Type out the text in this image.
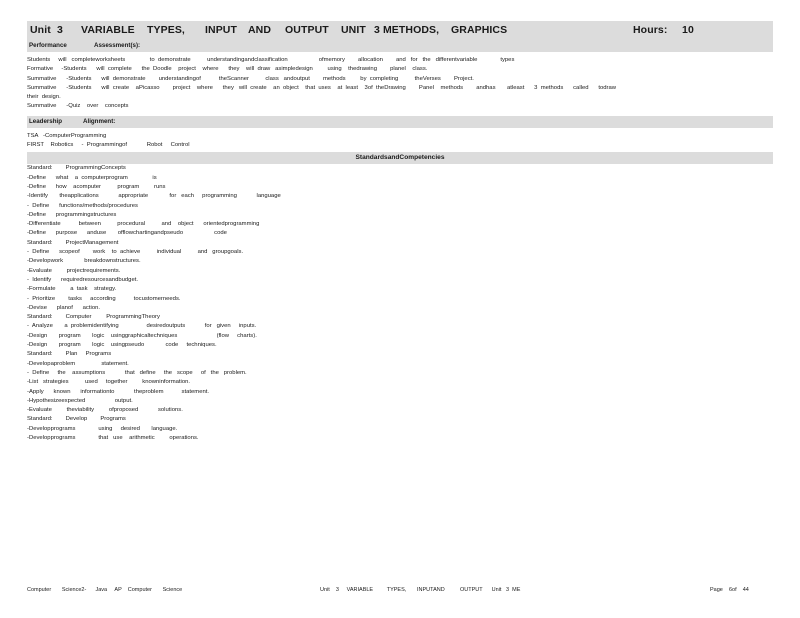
Unit 3 VARIABLE TYPES, INPUT AND OUTPUT UNIT 3 METHODS, GRAPHICS	Hours: 10
Performance	Assessment(s):
Students     will   completeworksheets               to  demonstrate          understandingandclassification                   ofmemory        allocation        and   for   the   differentvariable              types
Formative     -Students      will  complete      the  Doodle    project    where      they    will  draw   asimpledesign         using    thedrawing        planel    class.
Summative      -Students      will  demonstrate        understandingof           theScanner          class   andoutput        methods         by  completing          theVerses        Project.
Summative      -Students      will  create    aPicasso        project    where      they   will  create    an  object    that  uses    at  least    3of  theDrawing        Panel    methods        andhas       atleast      3  methods      called      todraw
their  design.
Summative      -Quiz    over    concepts
Leadership	Alignment:
TSA   -ComputerProgramming
FIRST    Robotics     -  Programmingof            Robot     Control
StandardsandCompetencies
Standard:        ProgrammingConcepts
-Define      what    a  computerprogram               is
-Define      how    acomputer          program         runs
-Identify       theapplications            appropriate             for   each     programming            language
-  Define      functions/methods/procedures
-Define      programmingstructures
-Differentiate           between          procedural          and    object      orientedprogramming
-Define      purpose      anduse       offlowchartingandpseudo                   code
Standard:        ProjectManagement
-  Define      scopeof        work    to  achieve          individual          and   groupgoals.
-Developwork             breakdownstructures.
-Evaluate         projectrequirements.
-  Identify      requiredresourcesandbudget.
-Formulate         a  task    strategy.
-  Prioritize        tasks     according           tocustomerneeds.
-Devise      planof      action.
Standard:        Computer         ProgrammingTheory
-  Analyze       a  problemidentifying                 desiredoutputs            for   given     inputs.
-Design       program       logic    usinggraphicaltechniques                        (flow     charts).
-Design       program       logic    usingpseudo             code     techniques.
Standard:        Plan     Programs
-Developaproblem                statement.
-  Define     the    assumptions            that   define     the   scope     of   the   problem.
-List   strategies          used     together         knowninformation.
-Apply      known      informationto            theproblem           statement.
-Hypothesizeexpected                  output.
-Evaluate         theviability         ofproposed            solutions.
Standard:        Develop        Programs
-Developprograms              using     desired       language.
-Developprograms              that   use    arithmetic         operations.

Computer       Science2-      Java     AP    Computer       Science

	Unit    3     VARIABLE         TYPES,       INPUTAND          OUTPUT      Unit   3  ME

	Page    6of    44
